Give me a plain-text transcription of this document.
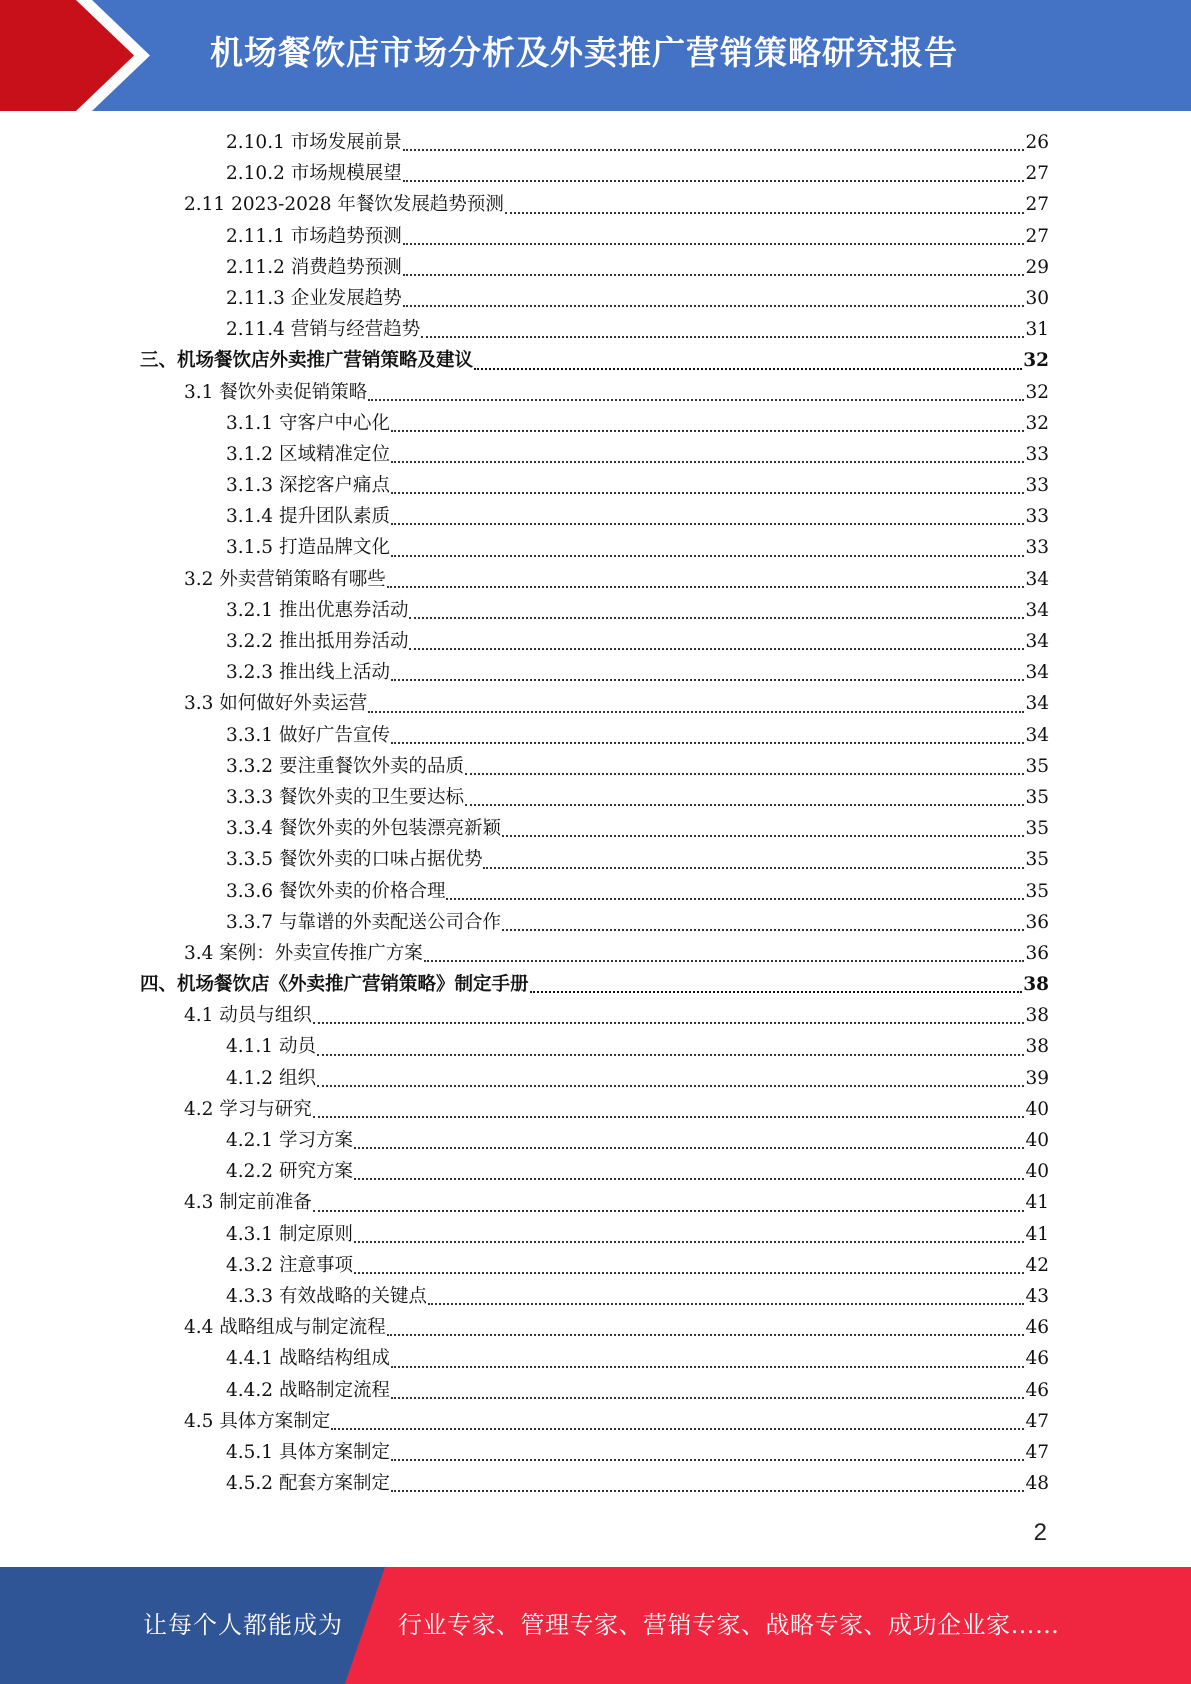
机场餐饮店市场分析及外卖推广营销策略研究报告
2.10.1 市场发展前景	26
2.10.2 市场规模展望	27
2.11 2023-2028 年餐饮发展趋势预测	27
2.11.1 市场趋势预测	27
2.11.2 消费趋势预测	29
2.11.3 企业发展趋势	30
2.11.4 营销与经营趋势	31
三、机场餐饮店外卖推广营销策略及建议	32
3.1 餐饮外卖促销策略	32
3.1.1 守客户中心化	32
3.1.2 区域精准定位	33
3.1.3 深挖客户痛点	33
3.1.4 提升团队素质	33
3.1.5 打造品牌文化	33
3.2 外卖营销策略有哪些	34
3.2.1 推出优惠券活动	34
3.2.2 推出抵用券活动	34
3.2.3 推出线上活动	34
3.3 如何做好外卖运营	34
3.3.1 做好广告宣传	34
3.3.2 要注重餐饮外卖的品质	35
3.3.3 餐饮外卖的卫生要达标	35
3.3.4 餐饮外卖的外包装漂亮新颖	35
3.3.5 餐饮外卖的口味占据优势	35
3.3.6 餐饮外卖的价格合理	35
3.3.7 与靠谱的外卖配送公司合作	36
3.4 案例：外卖宣传推广方案	36
四、机场餐饮店《外卖推广营销策略》制定手册	38
4.1 动员与组织	38
4.1.1 动员	38
4.1.2 组织	39
4.2 学习与研究	40
4.2.1 学习方案	40
4.2.2 研究方案	40
4.3 制定前准备	41
4.3.1 制定原则	41
4.3.2 注意事项	42
4.3.3 有效战略的关键点	43
4.4 战略组成与制定流程	46
4.4.1 战略结构组成	46
4.4.2 战略制定流程	46
4.5 具体方案制定	47
4.5.1 具体方案制定	47
4.5.2 配套方案制定	48
2
让每个人都能成为 行业专家、管理专家、营销专家、战略专家、成功企业家……
